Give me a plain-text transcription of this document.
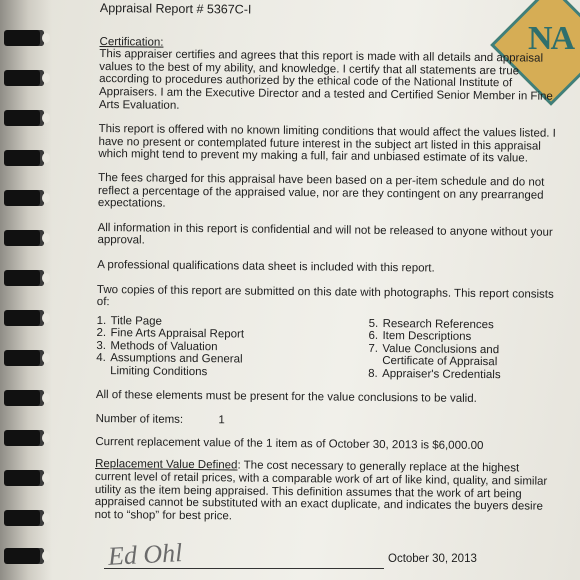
NA
Appraisal Report # 5367C-I
Certification:

This appraiser certifies and agrees that this report is made with all details and appraisal values to the best of my ability, and knowledge. I certify that all statements are true according to procedures authorized by the ethical code of the National Institute of Appraisers. I am the Executive Director and a tested and Certified Senior Member in Fine Arts Evaluation.

This report is offered with no known limiting conditions that would affect the values listed. I have no present or contemplated future interest in the subject art listed in this appraisal which might tend to prevent my making a full, fair and unbiased estimate of its value.

The fees charged for this appraisal have been based on a per-item schedule and do not reflect a percentage of the appraised value, nor are they contingent on any prearranged expectations.

All information in this report is confidential and will not be released to anyone without your approval.

A professional qualifications data sheet is included with this report.

Two copies of this report are submitted on this date with photographs. This report consists of:

1. Title Page
2. Fine Arts Appraisal Report
3. Methods of Valuation
4. Assumptions and General
Limiting Conditions
5. Research References
6. Item Descriptions
7. Value Conclusions and
Certificate of Appraisal
8. Appraiser's Credentials

All of these elements must be present for the value conclusions to be valid.

Number of items:	1

Current replacement value of the 1 item as of October 30, 2013 is $6,000.00

Replacement Value Defined: The cost necessary to generally replace at the highest current level of retail prices, with a comparable work of art of like kind, quality, and similar utility as the item being appraised. This definition assumes that the work of art being appraised cannot be substituted with an exact duplicate, and indicates the buyers desire not to “shop” for best price.

Ed Ohl	October 30, 2013
